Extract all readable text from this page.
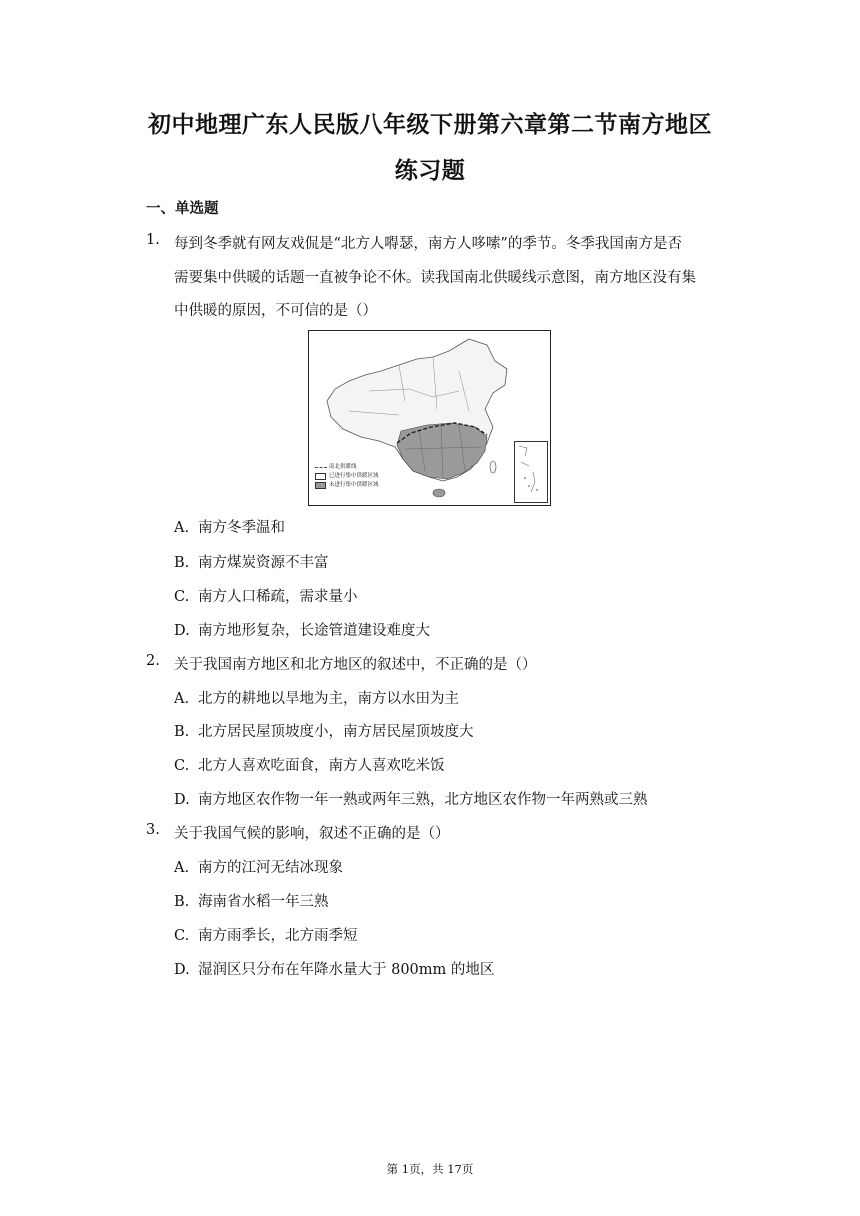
初中地理广东人民版八年级下册第六章第二节南方地区
练习题
一、单选题
1. 每到冬季就有网友戏侃是“北方人嘚瑟，南方人哆嗦”的季节。冬季我国南方是否
需要集中供暖的话题一直被争论不休。读我国南北供暖线示意图，南方地区没有集
中供暖的原因，不可信的是（）
南北供暖线
已进行集中供暖区域
未进行集中供暖区域
A. 南方冬季温和
B. 南方煤炭资源不丰富
C. 南方人口稀疏，需求量小
D. 南方地形复杂，长途管道建设难度大
2. 关于我国南方地区和北方地区的叙述中，不正确的是（）
A. 北方的耕地以旱地为主，南方以水田为主
B. 北方居民屋顶坡度小，南方居民屋顶坡度大
C. 北方人喜欢吃面食，南方人喜欢吃米饭
D. 南方地区农作物一年一熟或两年三熟，北方地区农作物一年两熟或三熟
3. 关于我国气候的影响，叙述不正确的是（）
A. 南方的江河无结冰现象
B. 海南省水稻一年三熟
C. 南方雨季长，北方雨季短
D. 湿润区只分布在年降水量大于 800mm 的地区
第 1页，共 17页
